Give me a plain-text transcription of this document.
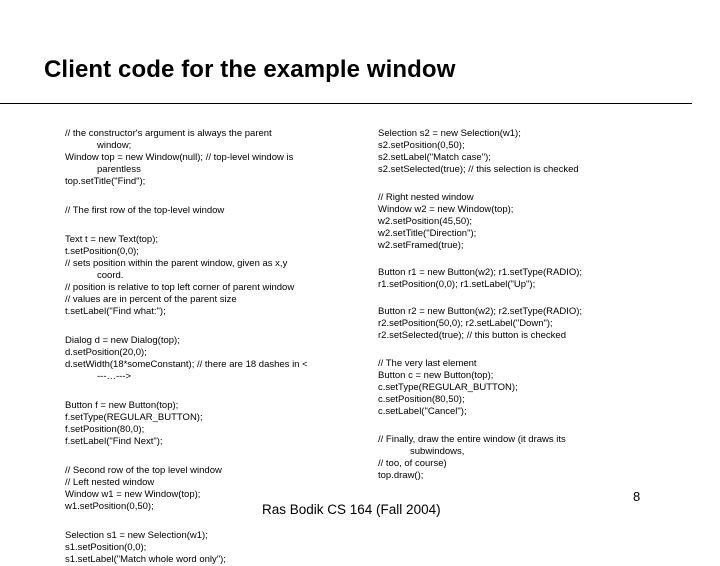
Client code for the example window
// the constructor's argument is always the parent
window;
Window top = new Window(null); // top-level window is
parentless
top.setTitle("Find");
// The first row of the top-level window
Text t = new Text(top);
t.setPosition(0,0);
// sets position within the parent window, given as x,y
coord.
// position is relative to top left corner of parent window
// values are in percent of the parent size
t.setLabel("Find what:");
Dialog d = new Dialog(top);
d.setPosition(20,0);
d.setWidth(18*someConstant); // there are 18 dashes in <
---…--->
Button f = new Button(top);
f.setType(REGULAR_BUTTON);
f.setPosition(80,0);
f.setLabel("Find Next");
// Second row of the top level window
// Left nested window
Window w1 = new Window(top);
w1.setPosition(0,50);
Selection s1 = new Selection(w1);
s1.setPosition(0,0);
s1.setLabel("Match whole word only");
Selection s2 = new Selection(w1);
s2.setPosition(0,50);
s2.setLabel("Match case");
s2.setSelected(true); // this selection is checked
// Right nested window
Window w2 = new Window(top);
w2.setPosition(45,50);
w2.setTitle("Direction");
w2.setFramed(true);
Button r1 = new Button(w2); r1.setType(RADIO);
r1.setPosition(0,0); r1.setLabel("Up");
Button r2 = new Button(w2); r2.setType(RADIO);
r2.setPosition(50,0); r2.setLabel("Down");
r2.setSelected(true); // this button is checked
// The very last element
Button c = new Button(top);
c.setType(REGULAR_BUTTON);
c.setPosition(80,50);
c.setLabel("Cancel");
// Finally, draw the entire window (it draws its
subwindows,
// too, of course)
top.draw();
Ras Bodik CS 164 (Fall 2004)
8
